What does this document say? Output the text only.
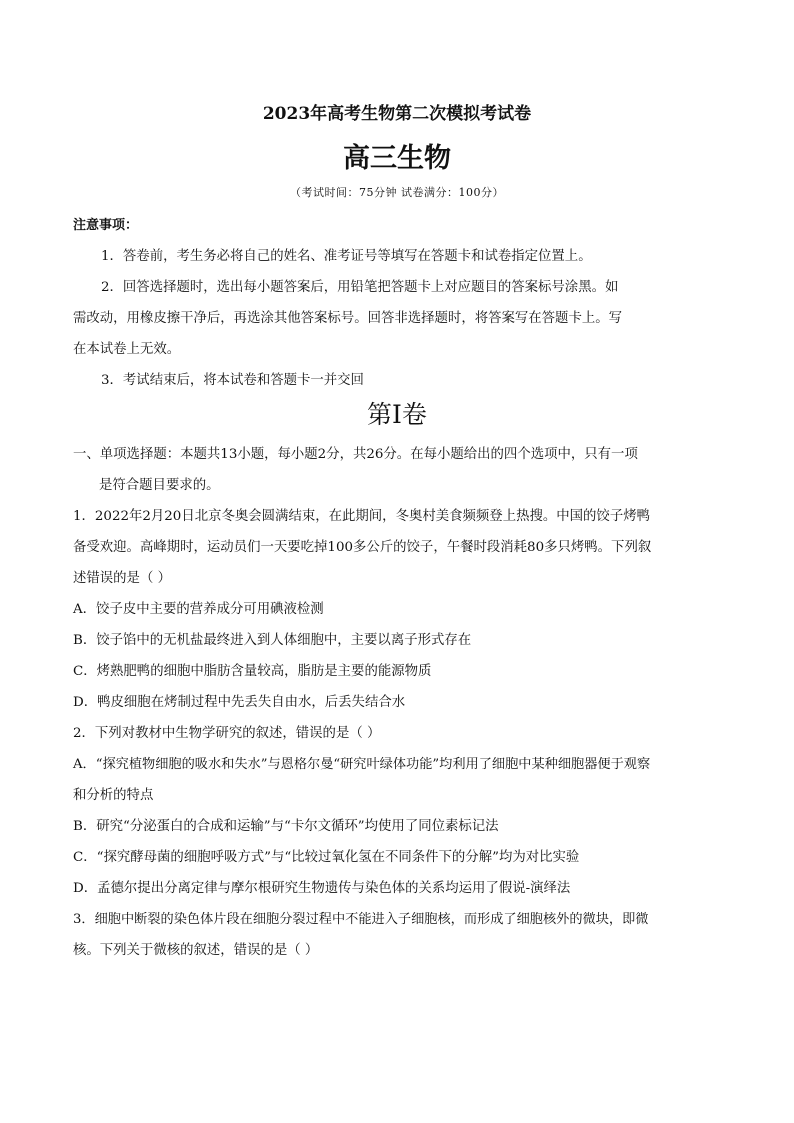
2023年高考生物第二次模拟考试卷
高三生物
（考试时间：75分钟 试卷满分：100分）
注意事项：
1．答卷前，考生务必将自己的姓名、准考证号等填写在答题卡和试卷指定位置上。
2．回答选择题时，选出每小题答案后，用铅笔把答题卡上对应题目的答案标号涂黑。如
需改动，用橡皮擦干净后，再选涂其他答案标号。回答非选择题时，将答案写在答题卡上。写
在本试卷上无效。
3．考试结束后，将本试卷和答题卡一并交回
第Ⅰ卷
一、单项选择题：本题共13小题，每小题2分，共26分。在每小题给出的四个选项中，只有一项
是符合题目要求的。
1．2022年2月20日北京冬奥会圆满结束，在此期间，冬奥村美食频频登上热搜。中国的饺子烤鸭
备受欢迎。高峰期时，运动员们一天要吃掉100多公斤的饺子，午餐时段消耗80多只烤鸭。下列叙
述错误的是（ ）
A．饺子皮中主要的营养成分可用碘液检测
B．饺子馅中的无机盐最终进入到人体细胞中，主要以离子形式存在
C．烤熟肥鸭的细胞中脂肪含量较高，脂肪是主要的能源物质
D．鸭皮细胞在烤制过程中先丢失自由水，后丢失结合水
2．下列对教材中生物学研究的叙述，错误的是（ ）
A．“探究植物细胞的吸水和失水”与恩格尔曼“研究叶绿体功能”均利用了细胞中某种细胞器便于观察
和分析的特点
B．研究“分泌蛋白的合成和运输”与“卡尔文循环”均使用了同位素标记法
C．“探究酵母菌的细胞呼吸方式”与“比较过氧化氢在不同条件下的分解”均为对比实验
D．孟德尔提出分离定律与摩尔根研究生物遗传与染色体的关系均运用了假说-演绎法
3．细胞中断裂的染色体片段在细胞分裂过程中不能进入子细胞核，而形成了细胞核外的微块，即微
核。下列关于微核的叙述，错误的是（ ）
